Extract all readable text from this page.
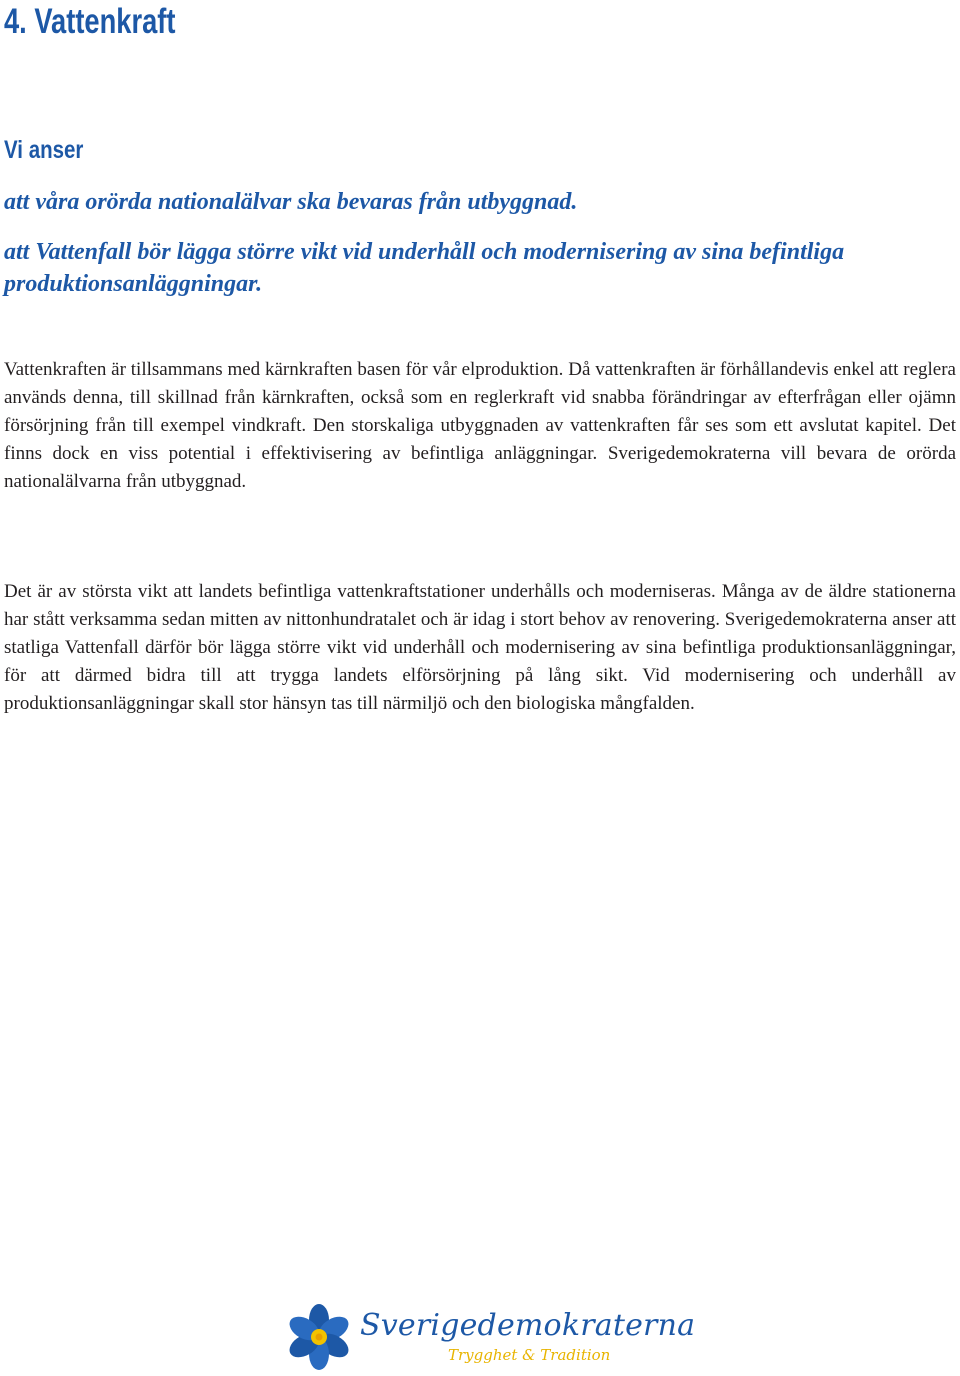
4. Vattenkraft
Vi anser
att våra orörda nationalälvar ska bevaras från utbyggnad.
att Vattenfall bör lägga större vikt vid underhåll och modernisering av sina befintliga produktionsanläggningar.

Vattenkraften är tillsammans med kärnkraften basen för vår elproduktion. Då vattenkraften är förhållandevis enkel att reglera används denna, till skillnad från kärnkraften, också som en reglerkraft vid snabba förändringar av efterfrågan eller ojämn försörjning från till exempel vindkraft. Den storskaliga utbyggnaden av vattenkraften får ses som ett avslutat kapitel. Det finns dock en viss potential i effektivisering av befintliga anläggningar. Sverigedemokraterna vill bevara de orörda nationalälvarna från utbyggnad.

Det är av största vikt att landets befintliga vattenkraftstationer underhålls och moderniseras. Många av de äldre stationerna har stått verksamma sedan mitten av nittonhundratalet och är idag i stort behov av renovering. Sverigedemokraterna anser att statliga Vattenfall därför bör lägga större vikt vid underhåll och modernisering av sina befintliga produktionsanläggningar, för att därmed bidra till att trygga landets elförsörjning på lång sikt. Vid modernisering och underhåll av produktionsanläggningar skall stor hänsyn tas till närmiljö och den biologiska mångfalden.

Sverigedemokraterna
Trygghet & Tradition
